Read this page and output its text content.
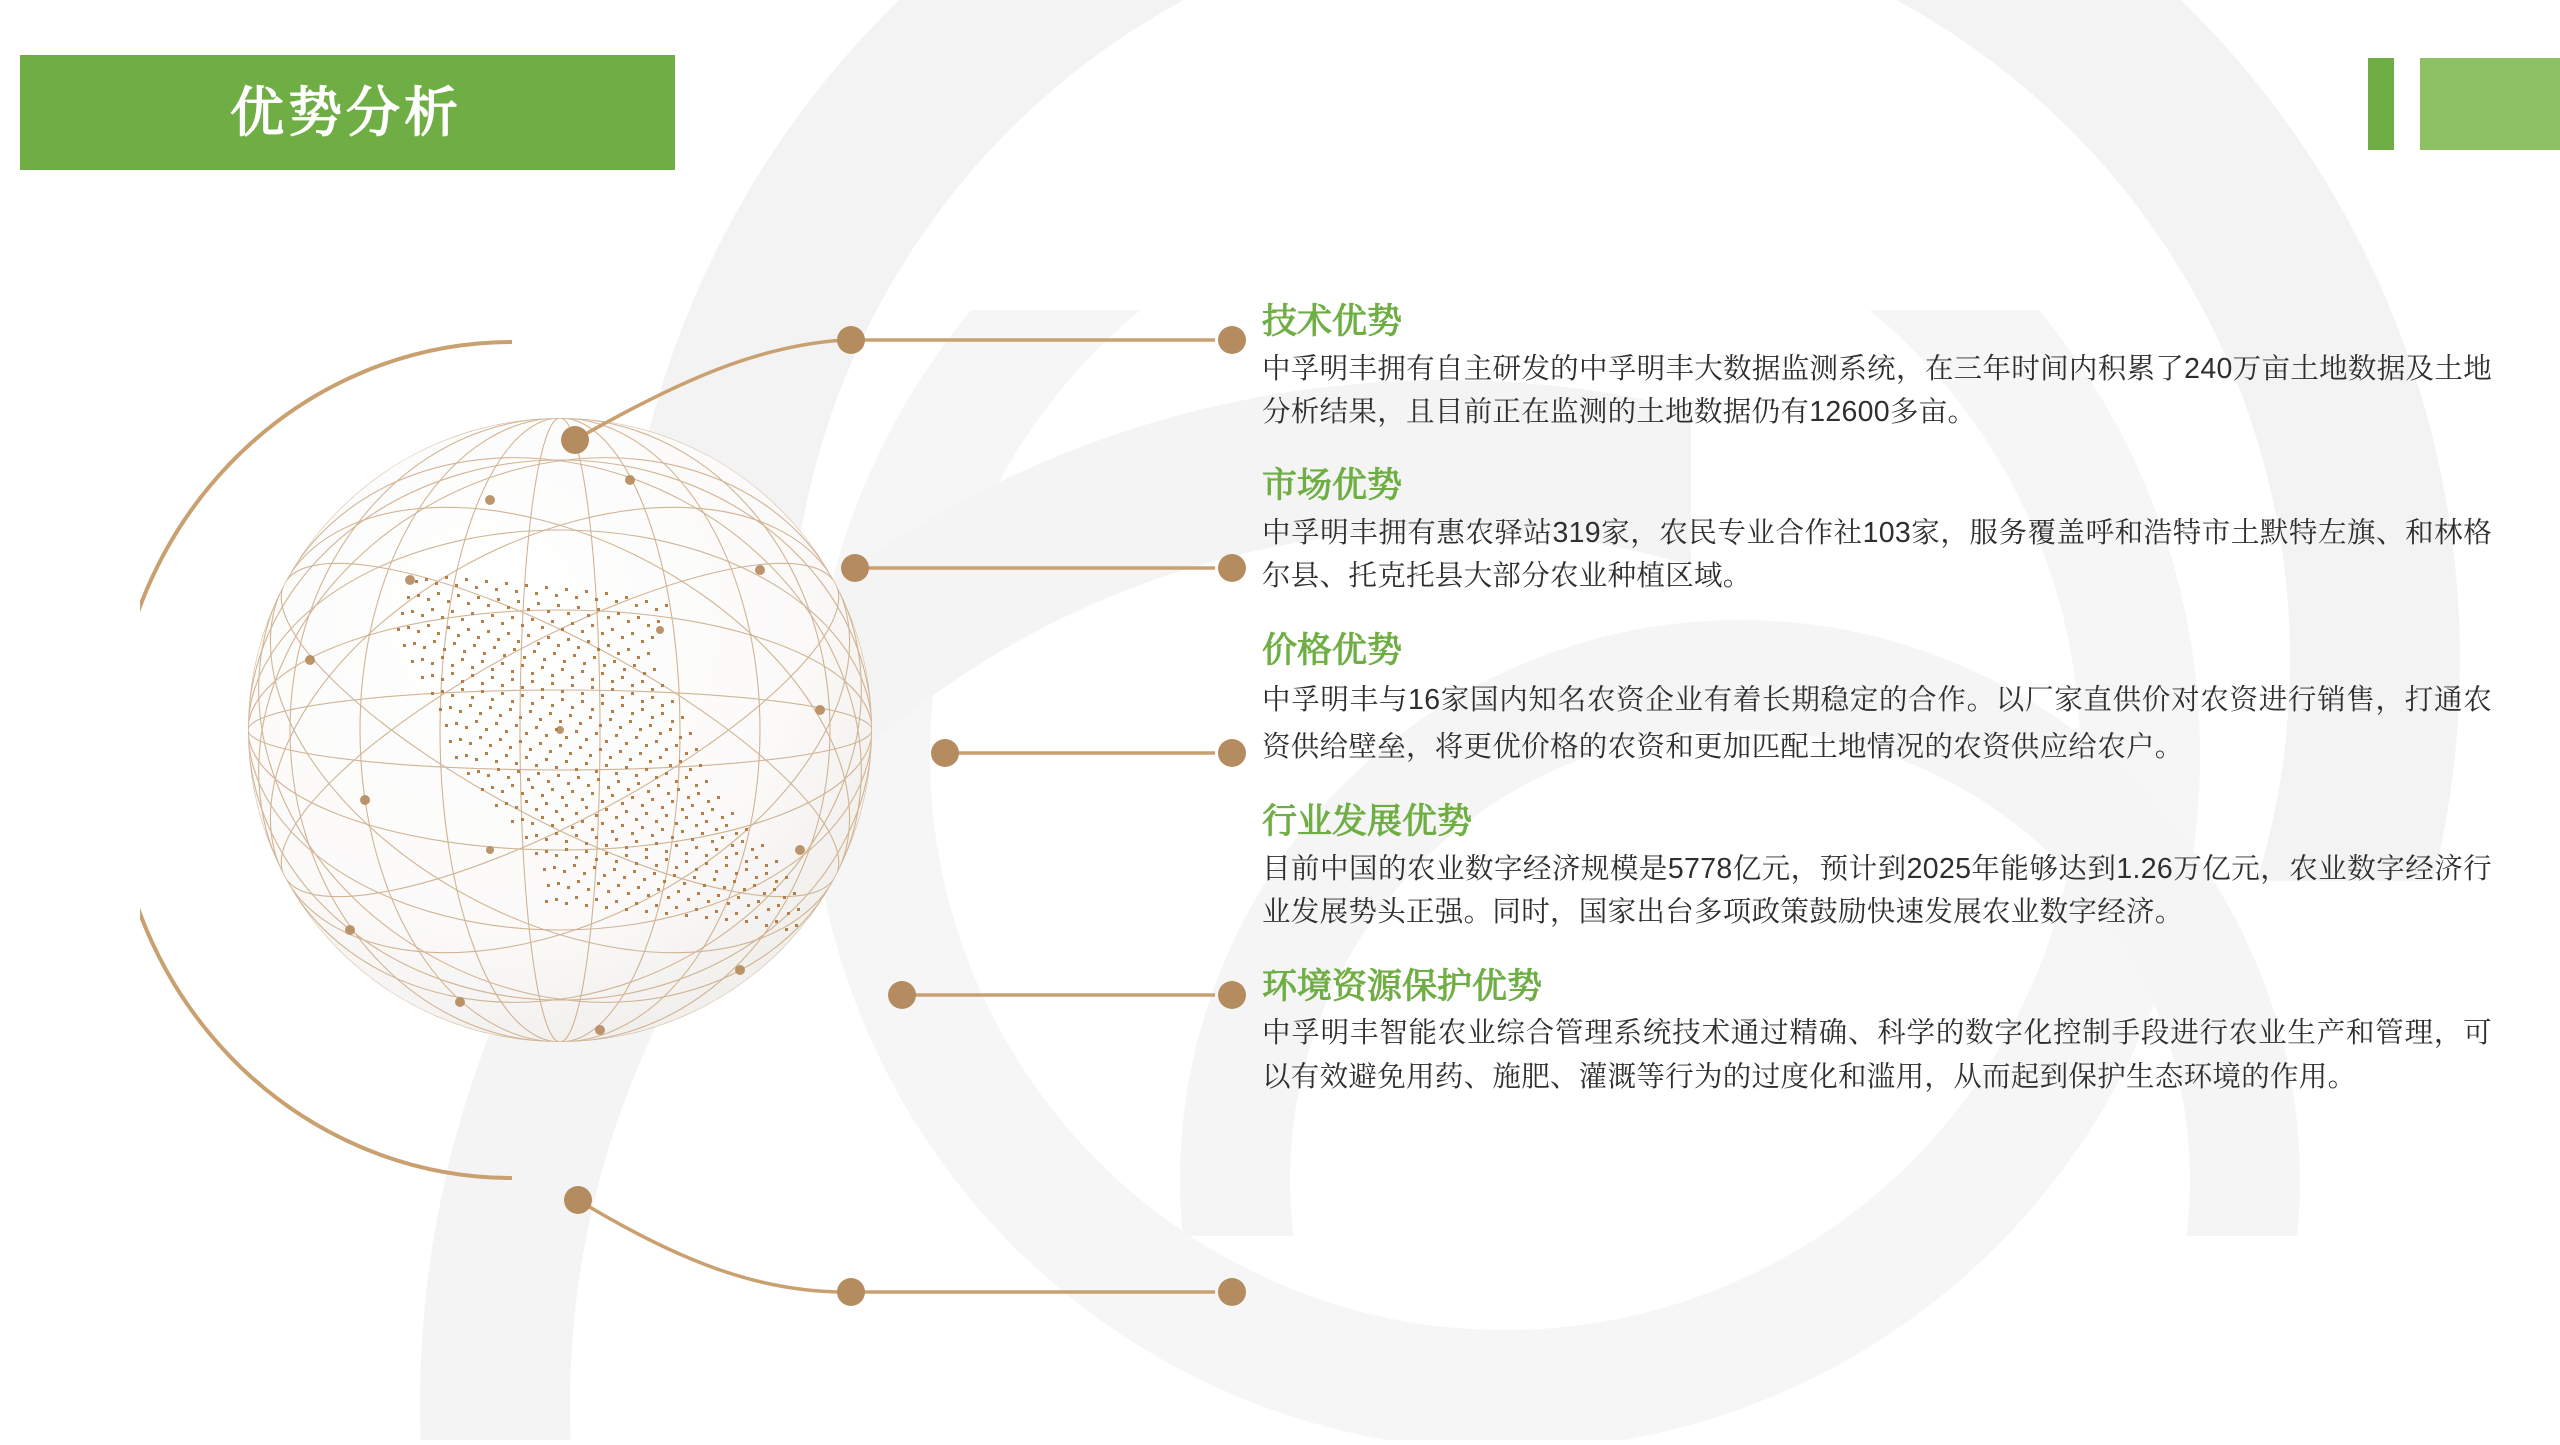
优势分析
技术优势

中孚明丰拥有自主研发的中孚明丰大数据监测系统，在三年时间内积累了240万亩土地数据及土地分析结果，且目前正在监测的土地数据仍有12600多亩。

市场优势

中孚明丰拥有惠农驿站319家，农民专业合作社103家，服务覆盖呼和浩特市土默特左旗、和林格尔县、托克托县大部分农业种植区域。

价格优势

中孚明丰与16家国内知名农资企业有着长期稳定的合作。以厂家直供价对农资进行销售，打通农资供给壁垒，将更优价格的农资和更加匹配土地情况的农资供应给农户。

行业发展优势

目前中国的农业数字经济规模是5778亿元，预计到2025年能够达到1.26万亿元，农业数字经济行业发展势头正强。同时，国家出台多项政策鼓励快速发展农业数字经济。

环境资源保护优势

中孚明丰智能农业综合管理系统技术通过精确、科学的数字化控制手段进行农业生产和管理，可以有效避免用药、施肥、灌溉等行为的过度化和滥用，从而起到保护生态环境的作用。
